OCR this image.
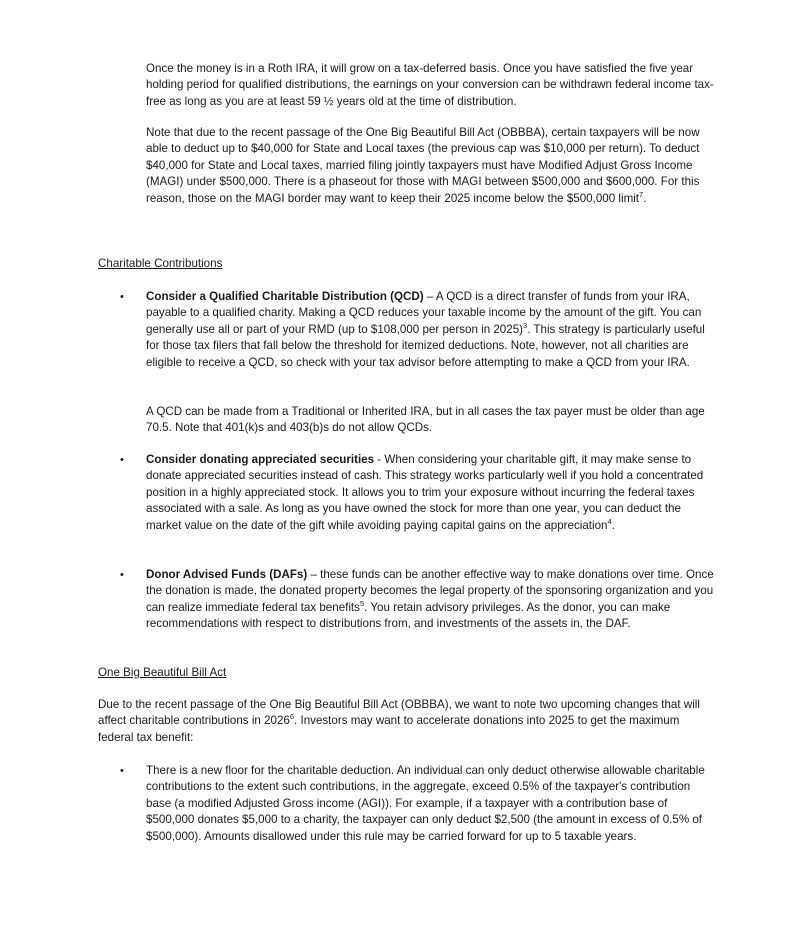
Once the money is in a Roth IRA, it will grow on a tax-deferred basis. Once you have satisfied the five year holding period for qualified distributions, the earnings on your conversion can be withdrawn federal income tax-free as long as you are at least 59 ½ years old at the time of distribution.

Note that due to the recent passage of the One Big Beautiful Bill Act (OBBBA), certain taxpayers will be now able to deduct up to $40,000 for State and Local taxes (the previous cap was $10,000 per return). To deduct $40,000 for State and Local taxes, married filing jointly taxpayers must have Modified Adjust Gross Income (MAGI) under $500,000. There is a phaseout for those with MAGI between $500,000 and $600,000. For this reason, those on the MAGI border may want to keep their 2025 income below the $500,000 limit$^7$.

Charitable Contributions

• Consider a Qualified Charitable Distribution (QCD) – A QCD is a direct transfer of funds from your IRA, payable to a qualified charity. Making a QCD reduces your taxable income by the amount of the gift. You can generally use all or part of your RMD (up to $108,000 per person in 2025)$^3$. This strategy is particularly useful for those tax filers that fall below the threshold for itemized deductions. Note, however, not all charities are eligible to receive a QCD, so check with your tax advisor before attempting to make a QCD from your IRA.

A QCD can be made from a Traditional or Inherited IRA, but in all cases the tax payer must be older than age 70.5. Note that 401(k)s and 403(b)s do not allow QCDs.

• Consider donating appreciated securities - When considering your charitable gift, it may make sense to donate appreciated securities instead of cash. This strategy works particularly well if you hold a concentrated position in a highly appreciated stock. It allows you to trim your exposure without incurring the federal taxes associated with a sale. As long as you have owned the stock for more than one year, you can deduct the market value on the date of the gift while avoiding paying capital gains on the appreciation$^4$.

• Donor Advised Funds (DAFs) – these funds can be another effective way to make donations over time. Once the donation is made, the donated property becomes the legal property of the sponsoring organization and you can realize immediate federal tax benefits$^5$. You retain advisory privileges. As the donor, you can make recommendations with respect to distributions from, and investments of the assets in, the DAF.

One Big Beautiful Bill Act

Due to the recent passage of the One Big Beautiful Bill Act (OBBBA), we want to note two upcoming changes that will affect charitable contributions in 2026$^6$. Investors may want to accelerate donations into 2025 to get the maximum federal tax benefit:

• There is a new floor for the charitable deduction. An individual can only deduct otherwise allowable charitable contributions to the extent such contributions, in the aggregate, exceed 0.5% of the taxpayer's contribution base (a modified Adjusted Gross income (AGI)). For example, if a taxpayer with a contribution base of $500,000 donates $5,000 to a charity, the taxpayer can only deduct $2,500 (the amount in excess of 0.5% of $500,000). Amounts disallowed under this rule may be carried forward for up to 5 taxable years.
